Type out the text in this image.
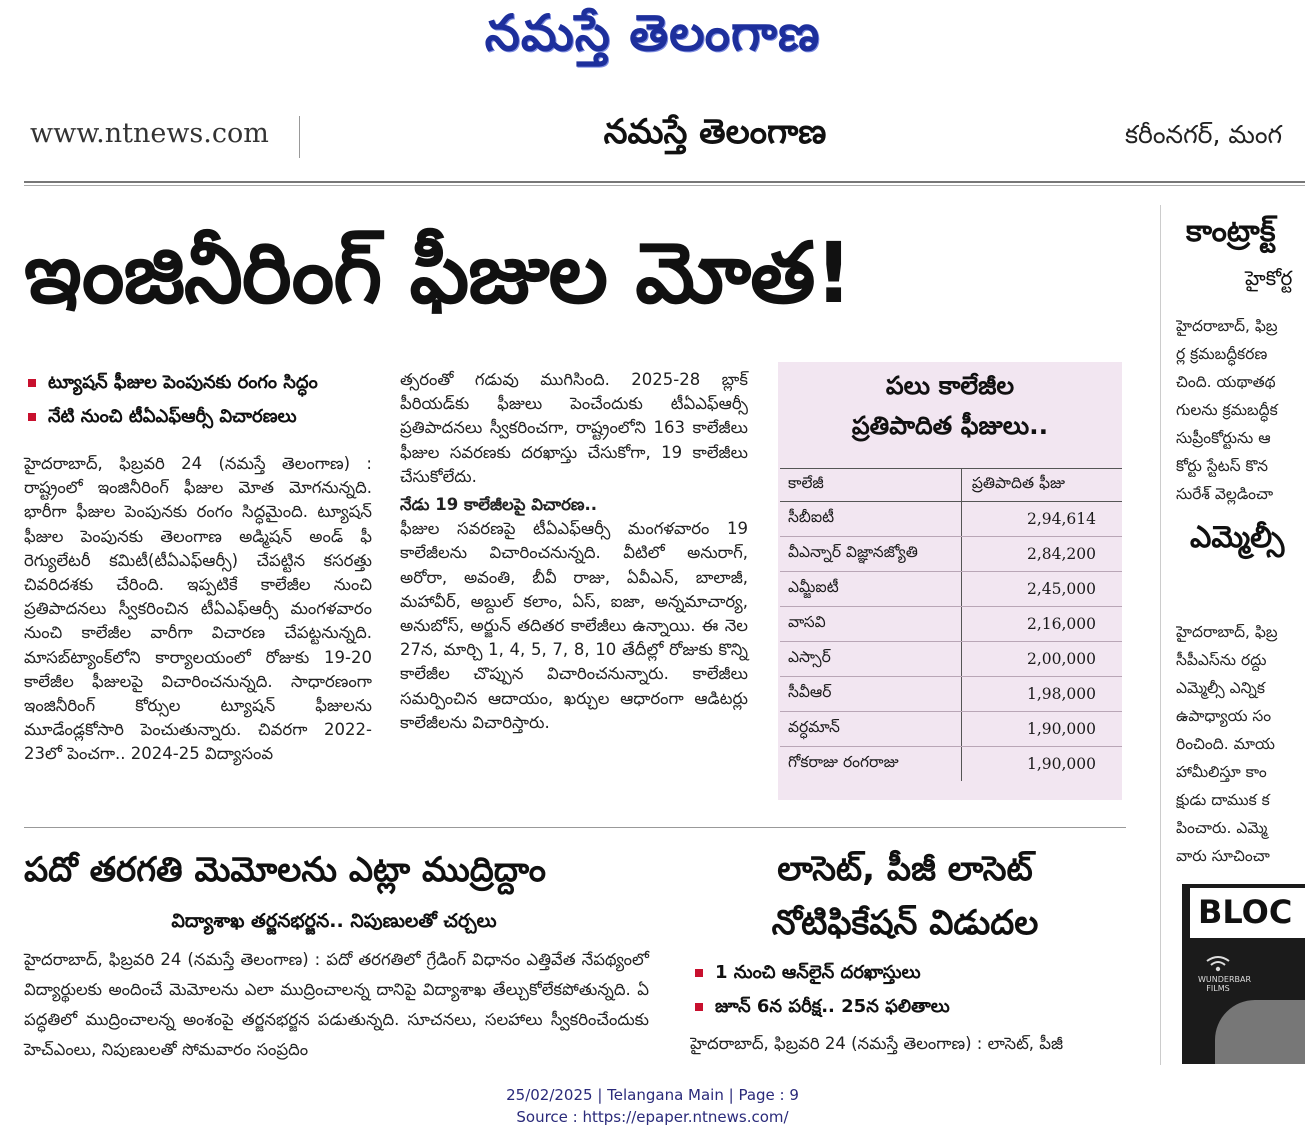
నమస్తే తెలంగాణ
www.ntnews.com	నమస్తే తెలంగాణ	కరీంనగర్, మంగ
ఇంజినీరింగ్ ఫీజుల మోత!
ట్యూషన్ ఫీజుల పెంపునకు రంగం సిద్ధం
నేటి నుంచి టీఏఎఫ్‌ఆర్సీ విచారణలు

హైదరాబాద్, ఫిబ్రవరి 24 (నమస్తే తెలంగాణ) : రాష్ట్రంలో ఇంజినీరింగ్ ఫీజుల మోత మోగనున్నది. భారీగా ఫీజుల పెంపునకు రంగం సిద్ధమైంది. ట్యూషన్ ఫీజుల పెంపునకు తెలంగాణ అడ్మిషన్ అండ్ ఫీ రెగ్యులేటరీ కమిటీ(టీఏఎఫ్ఆర్సీ) చేపట్టిన కసరత్తు చివరిదశకు చేరింది. ఇప్పటికే కాలేజీల నుంచి ప్రతిపాదనలు స్వీకరించిన టీఏఎఫ్ఆర్సీ మంగళవారం నుంచి కాలేజీల వారీగా విచారణ చేపట్టనున్నది. మాసబ్‌ట్యాంక్‌లోని కార్యాలయంలో రోజుకు 19-20 కాలేజీల ఫీజులపై విచారించనున్నది. సాధారణంగా ఇంజినీరింగ్ కోర్సుల ట్యూషన్ ఫీజులను మూడేండ్లకోసారి పెంచుతున్నారు. చివరగా 2022-23లో పెంచగా.. 2024-25 విద్యాసంవ

త్సరంతో గడువు ముగిసింది. 2025-28 బ్లాక్ పీరియడ్‌కు ఫీజులు పెంచేందుకు టీఏఎఫ్ఆర్సీ ప్రతిపాదనలు స్వీకరించగా, రాష్ట్రంలోని 163 కాలేజీలు ఫీజుల సవరణకు దరఖాస్తు చేసుకోగా, 19 కాలేజీలు చేసుకోలేదు.

నేడు 19 కాలేజీలపై విచారణ..

ఫీజుల సవరణపై టీఏఎఫ్ఆర్సీ మంగళవారం 19 కాలేజీలను విచారించనున్నది. వీటిలో అనురాగ్, అరోరా, అవంతి, బీవీ రాజు, ఏవీఎన్, బాలాజీ, మహావీర్, అబ్దుల్ కలాం, ఏస్, ఐజా, అన్నమాచార్య, అనుబోస్, అర్జున్ తదితర కాలేజీలు ఉన్నాయి. ఈ నెల 27న, మార్చి 1, 4, 5, 7, 8, 10 తేదీల్లో రోజుకు కొన్ని కాలేజీల చొప్పున విచారించనున్నారు. కాలేజీలు సమర్పించిన ఆదాయం, ఖర్చుల ఆధారంగా ఆడిటర్లు కాలేజీలను విచారిస్తారు.

పలు కాలేజీల
ప్రతిపాదిత ఫీజులు..
కాలేజీ	ప్రతిపాదిత ఫీజు
సీబీఐటీ	2,94,614
వీఎన్నార్ విజ్ఞానజ్యోతి	2,84,200
ఎమ్జీఐటీ	2,45,000
వాసవి	2,16,000
ఎస్సార్	2,00,000
సీవీఆర్	1,98,000
వర్ధమాన్	1,90,000
గోకరాజు రంగరాజు	1,90,000
పదో తరగతి మెమోలను ఎట్లా ముద్రిద్దాం
విద్యాశాఖ తర్జనభర్జన.. నిపుణులతో చర్చలు
హైదరాబాద్, ఫిబ్రవరి 24 (నమస్తే తెలంగాణ) : పదో తరగతిలో గ్రేడింగ్ విధానం ఎత్తివేత నేపథ్యంలో విద్యార్థులకు అందించే మెమోలను ఎలా ముద్రించాలన్న దానిపై విద్యాశాఖ తేల్చుకోలేకపోతున్నది. ఏ పద్ధతిలో ముద్రించాలన్న అంశంపై తర్జనభర్జన పడుతున్నది. సూచనలు, సలహాలు స్వీకరించేందుకు హెచ్ఎంలు, నిపుణులతో సోమవారం సంప్రదిం
లాసెట్, పీజీ లాసెట్
నోటిఫికేషన్ విడుదల
1 నుంచి ఆన్‌లైన్ దరఖాస్తులు
జూన్ 6న పరీక్ష.. 25న ఫలితాలు
హైదరాబాద్, ఫిబ్రవరి 24 (నమస్తే తెలంగాణ) : లాసెట్, పీజీ
కాంట్రాక్ట్
హైకోర్ట
హైదరాబాద్, ఫిబ్ర
ర్ల క్రమబద్ధీకరణ
చింది. యథాతథ
గులను క్రమబద్ధీక
సుప్రీంకోర్టును ఆ
కోర్టు స్టేటస్ కొన
సురేశ్ వెల్లడించా
ఎమ్మెల్సీ
హైదరాబాద్, ఫిబ్ర
సీపీఎస్‌ను రద్దు
ఎమ్మెల్సీ ఎన్నిక
ఉపాధ్యాయ సం
రించింది. మాయ
హామీలిస్తూ కాం
క్షుడు దాముక క
పించారు. ఎమ్మె
వారు సూచించా
BLOC
WUNDERBAR FILMS
25/02/2025 | Telangana Main | Page : 9
Source : https://epaper.ntnews.com/
